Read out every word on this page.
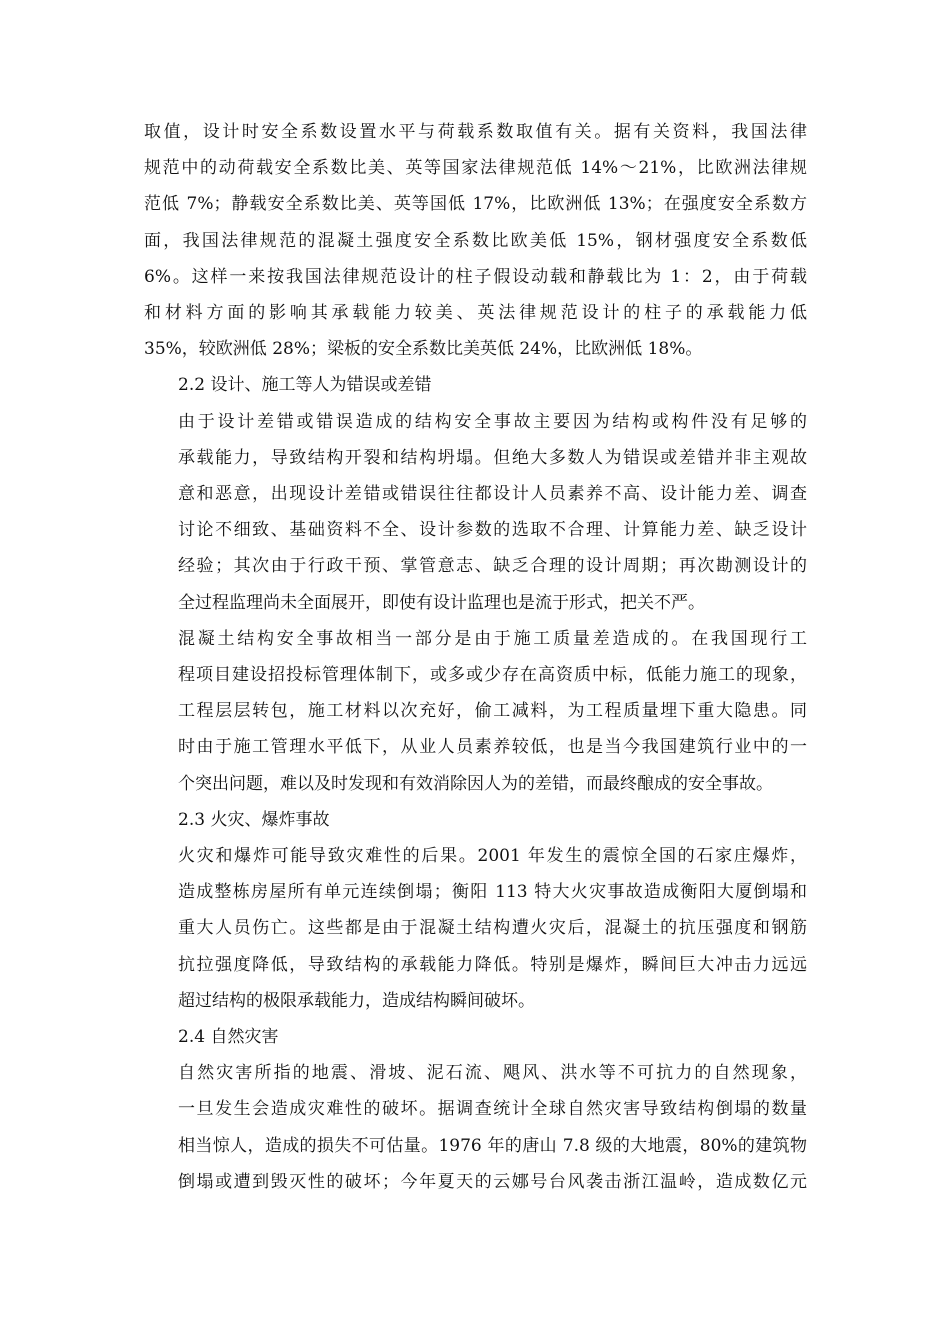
取值，设计时安全系数设置水平与荷载系数取值有关。据有关资料，我国法律
规范中的动荷载安全系数比美、英等国家法律规范低 14%～21%，比欧洲法律规
范低 7%；静载安全系数比美、英等国低 17%，比欧洲低 13%；在强度安全系数方
面，我国法律规范的混凝土强度安全系数比欧美低 15%，钢材强度安全系数低
6%。这样一来按我国法律规范设计的柱子假设动载和静载比为 1：2，由于荷载
和材料方面的影响其承载能力较美、英法律规范设计的柱子的承载能力低
35%，较欧洲低 28%；梁板的安全系数比美英低 24%，比欧洲低 18%。

2.2 设计、施工等人为错误或差错

由于设计差错或错误造成的结构安全事故主要因为结构或构件没有足够的
承载能力，导致结构开裂和结构坍塌。但绝大多数人为错误或差错并非主观故
意和恶意，出现设计差错或错误往往都设计人员素养不高、设计能力差、调查
讨论不细致、基础资料不全、设计参数的选取不合理、计算能力差、缺乏设计
经验；其次由于行政干预、掌管意志、缺乏合理的设计周期；再次勘测设计的
全过程监理尚未全面展开，即使有设计监理也是流于形式，把关不严。

混凝土结构安全事故相当一部分是由于施工质量差造成的。在我国现行工
程项目建设招投标管理体制下，或多或少存在高资质中标，低能力施工的现象，
工程层层转包，施工材料以次充好，偷工减料，为工程质量埋下重大隐患。同
时由于施工管理水平低下，从业人员素养较低，也是当今我国建筑行业中的一
个突出问题，难以及时发现和有效消除因人为的差错，而最终酿成的安全事故。

2.3 火灾、爆炸事故

火灾和爆炸可能导致灾难性的后果。2001 年发生的震惊全国的石家庄爆炸，
造成整栋房屋所有单元连续倒塌；衡阳 113 特大火灾事故造成衡阳大厦倒塌和
重大人员伤亡。这些都是由于混凝土结构遭火灾后，混凝土的抗压强度和钢筋
抗拉强度降低，导致结构的承载能力降低。特别是爆炸，瞬间巨大冲击力远远
超过结构的极限承载能力，造成结构瞬间破坏。

2.4 自然灾害

自然灾害所指的地震、滑坡、泥石流、飓风、洪水等不可抗力的自然现象，
一旦发生会造成灾难性的破坏。据调查统计全球自然灾害导致结构倒塌的数量
相当惊人，造成的损失不可估量。1976 年的唐山 7.8 级的大地震，80%的建筑物
倒塌或遭到毁灭性的破坏；今年夏天的云娜号台风袭击浙江温岭，造成数亿元
